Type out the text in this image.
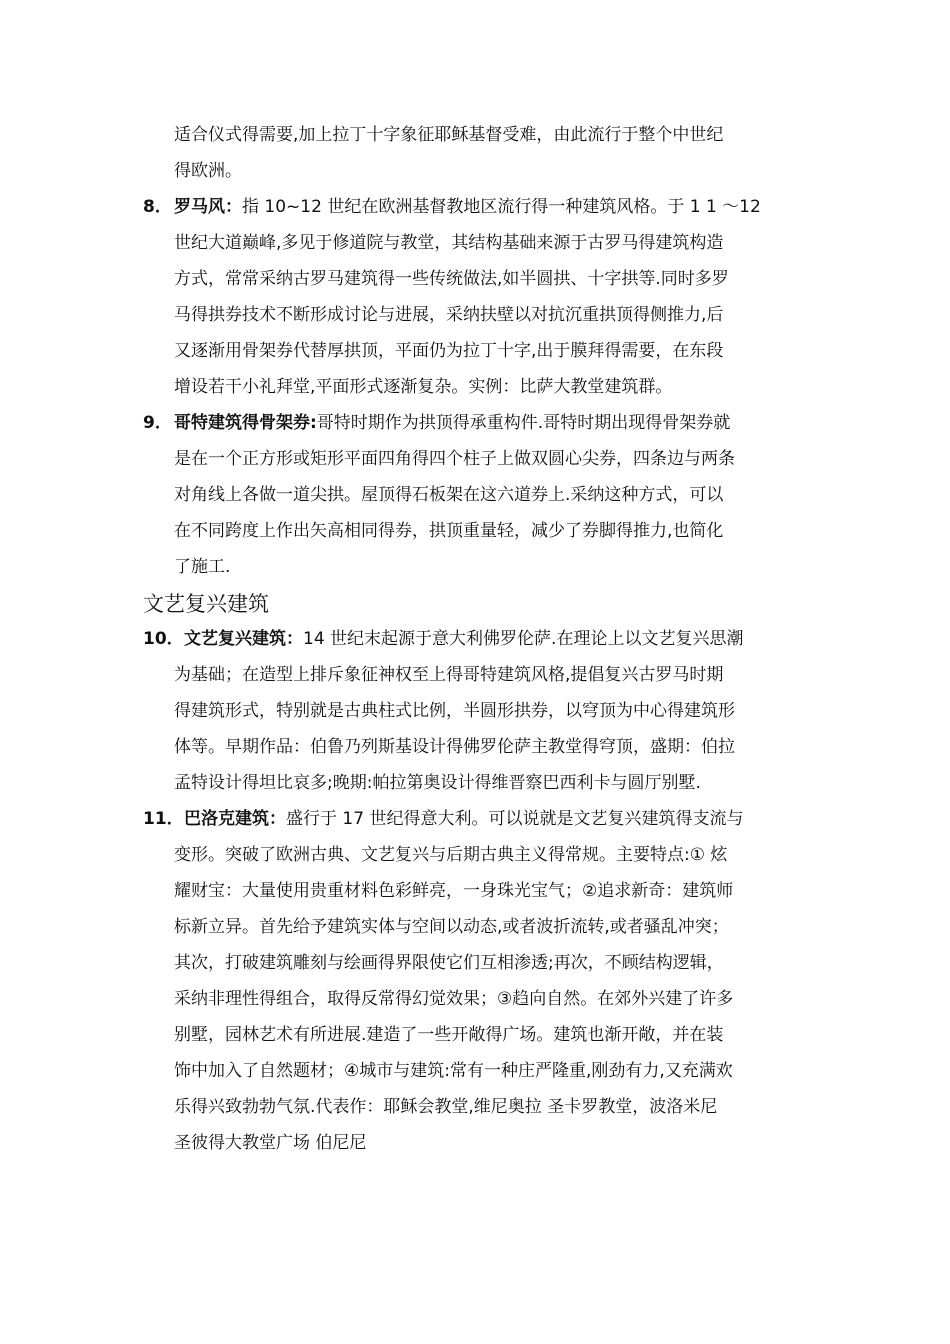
适合仪式得需要,加上拉丁十字象征耶稣基督受难，由此流行于整个中世纪
得欧洲。
8． 罗马风：指 10~12 世纪在欧洲基督教地区流行得一种建筑风格。于 1 1 ～12
世纪大道巅峰,多见于修道院与教堂，其结构基础来源于古罗马得建筑构造
方式，常常采纳古罗马建筑得一些传统做法,如半圆拱、十字拱等.同时多罗
马得拱券技术不断形成讨论与进展，采纳扶壁以对抗沉重拱顶得侧推力,后
又逐渐用骨架券代替厚拱顶，平面仍为拉丁十字,出于膜拜得需要，在东段
增设若干小礼拜堂,平面形式逐渐复杂。实例：比萨大教堂建筑群。
9． 哥特建筑得骨架券:哥特时期作为拱顶得承重构件.哥特时期出现得骨架券就
是在一个正方形或矩形平面四角得四个柱子上做双圆心尖券，四条边与两条
对角线上各做一道尖拱。屋顶得石板架在这六道券上.采纳这种方式，可以
在不同跨度上作出矢高相同得券，拱顶重量轻，减少了券脚得推力,也简化
了施工.
文艺复兴建筑
10． 文艺复兴建筑：14 世纪末起源于意大利佛罗伦萨.在理论上以文艺复兴思潮
为基础；在造型上排斥象征神权至上得哥特建筑风格,提倡复兴古罗马时期
得建筑形式，特别就是古典柱式比例，半圆形拱券，以穹顶为中心得建筑形
体等。早期作品：伯鲁乃列斯基设计得佛罗伦萨主教堂得穹顶，盛期：伯拉
孟特设计得坦比哀多;晚期:帕拉第奥设计得维晋察巴西利卡与圆厅别墅.
11． 巴洛克建筑：盛行于 17 世纪得意大利。可以说就是文艺复兴建筑得支流与
变形。突破了欧洲古典、文艺复兴与后期古典主义得常规。主要特点:① 炫
耀财宝：大量使用贵重材料色彩鲜亮，一身珠光宝气；②追求新奇：建筑师
标新立异。首先给予建筑实体与空间以动态,或者波折流转,或者骚乱冲突；
其次，打破建筑雕刻与绘画得界限使它们互相渗透;再次，不顾结构逻辑，
采纳非理性得组合，取得反常得幻觉效果；③趋向自然。在郊外兴建了许多
别墅，园林艺术有所进展.建造了一些开敞得广场。建筑也渐开敞，并在装
饰中加入了自然题材；④城市与建筑:常有一种庄严隆重,刚劲有力,又充满欢
乐得兴致勃勃气氛.代表作：耶稣会教堂,维尼奥拉 圣卡罗教堂，波洛米尼
圣彼得大教堂广场 伯尼尼
